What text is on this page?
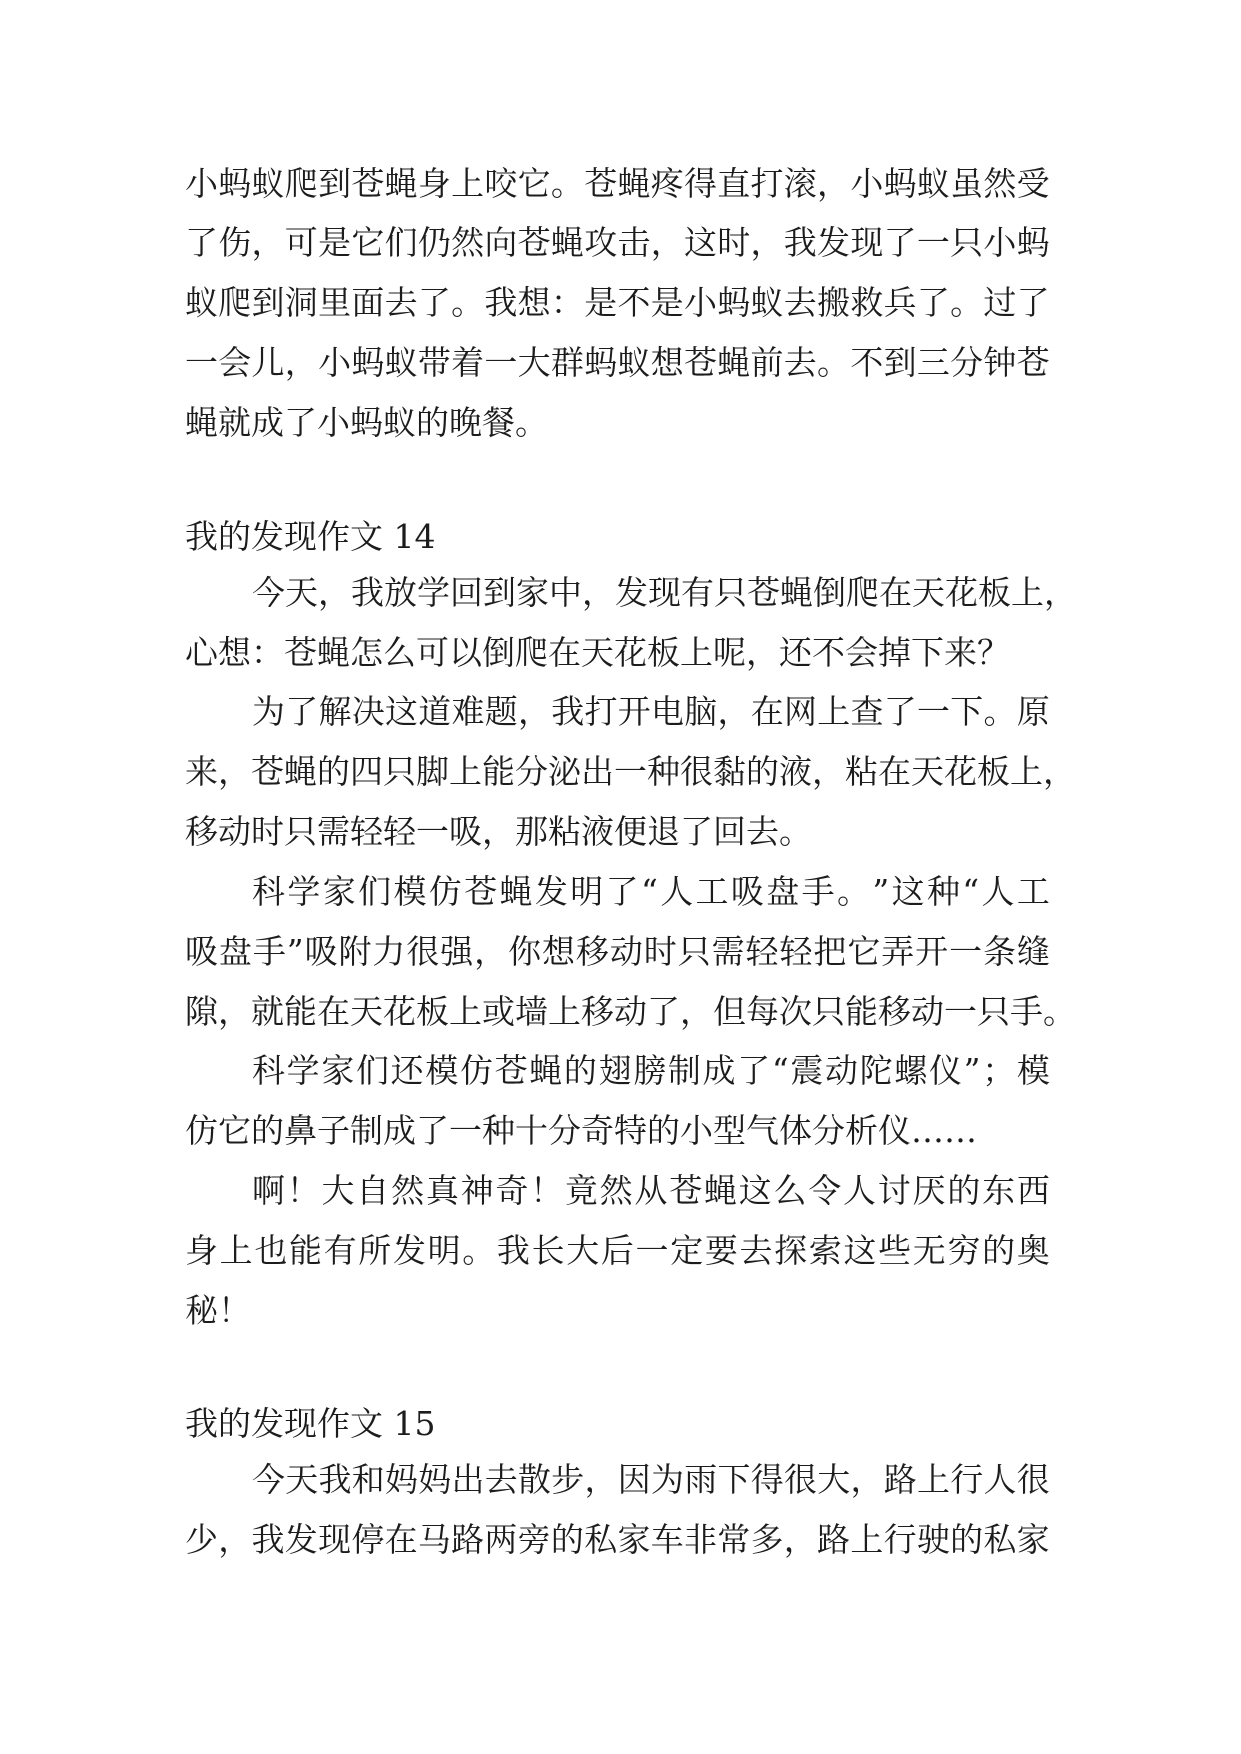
小 蚂 蚁 爬 到 苍 蝇 身 上 咬 它 。 苍 蝇 疼 得 直 打 滚 ， 小 蚂 蚁 虽 然 受
了 伤 ， 可 是 它 们 仍 然 向 苍 蝇 攻 击 ， 这 时 ， 我 发 现 了 一 只 小 蚂
蚁 爬 到 洞 里 面 去 了 。 我 想 ： 是 不 是 小 蚂 蚁 去 搬 救 兵 了 。 过 了
一 会 儿 ， 小 蚂 蚁 带 着 一 大 群 蚂 蚁 想 苍 蝇 前 去 。 不 到 三 分 钟 苍
蝇就成了小蚂蚁的晚餐。
我的发现作文 14
今 天 ， 我 放 学 回 到 家 中 ， 发 现 有 只 苍 蝇 倒 爬 在 天 花 板 上 ，
心想：苍蝇怎么可以倒爬在天花板上呢，还不会掉下来？
为 了 解 决 这 道 难 题 ， 我 打 开 电 脑 ， 在 网 上 查 了 一 下 。 原
来 ， 苍 蝇 的 四 只 脚 上 能 分 泌 出 一 种 很 黏 的 液 ， 粘 在 天 花 板 上 ，
移动时只需轻轻一吸，那粘液便退了回去。
科 学 家 们 模 仿 苍 蝇 发 明 了 “ 人 工 吸 盘 手 。 ” 这 种 “ 人 工
吸 盘 手 ” 吸 附 力 很 强 ， 你 想 移 动 时 只 需 轻 轻 把 它 弄 开 一 条 缝
隙 ， 就 能 在 天 花 板 上 或 墙 上 移 动 了 ， 但 每 次 只 能 移 动 一 只 手 。
科 学 家 们 还 模 仿 苍 蝇 的 翅 膀 制 成 了 “ 震 动 陀 螺 仪 ” ； 模
仿它的鼻子制成了一种十分奇特的小型气体分析仪……
啊 ！ 大 自 然 真 神 奇 ！ 竟 然 从 苍 蝇 这 么 令 人 讨 厌 的 东 西
身 上 也 能 有 所 发 明 。 我 长 大 后 一 定 要 去 探 索 这 些 无 穷 的 奥
秘！
我的发现作文 15
今 天 我 和 妈 妈 出 去 散 步 ， 因 为 雨 下 得 很 大 ， 路 上 行 人 很
少 ， 我 发 现 停 在 马 路 两 旁 的 私 家 车 非 常 多 ， 路 上 行 驶 的 私 家
